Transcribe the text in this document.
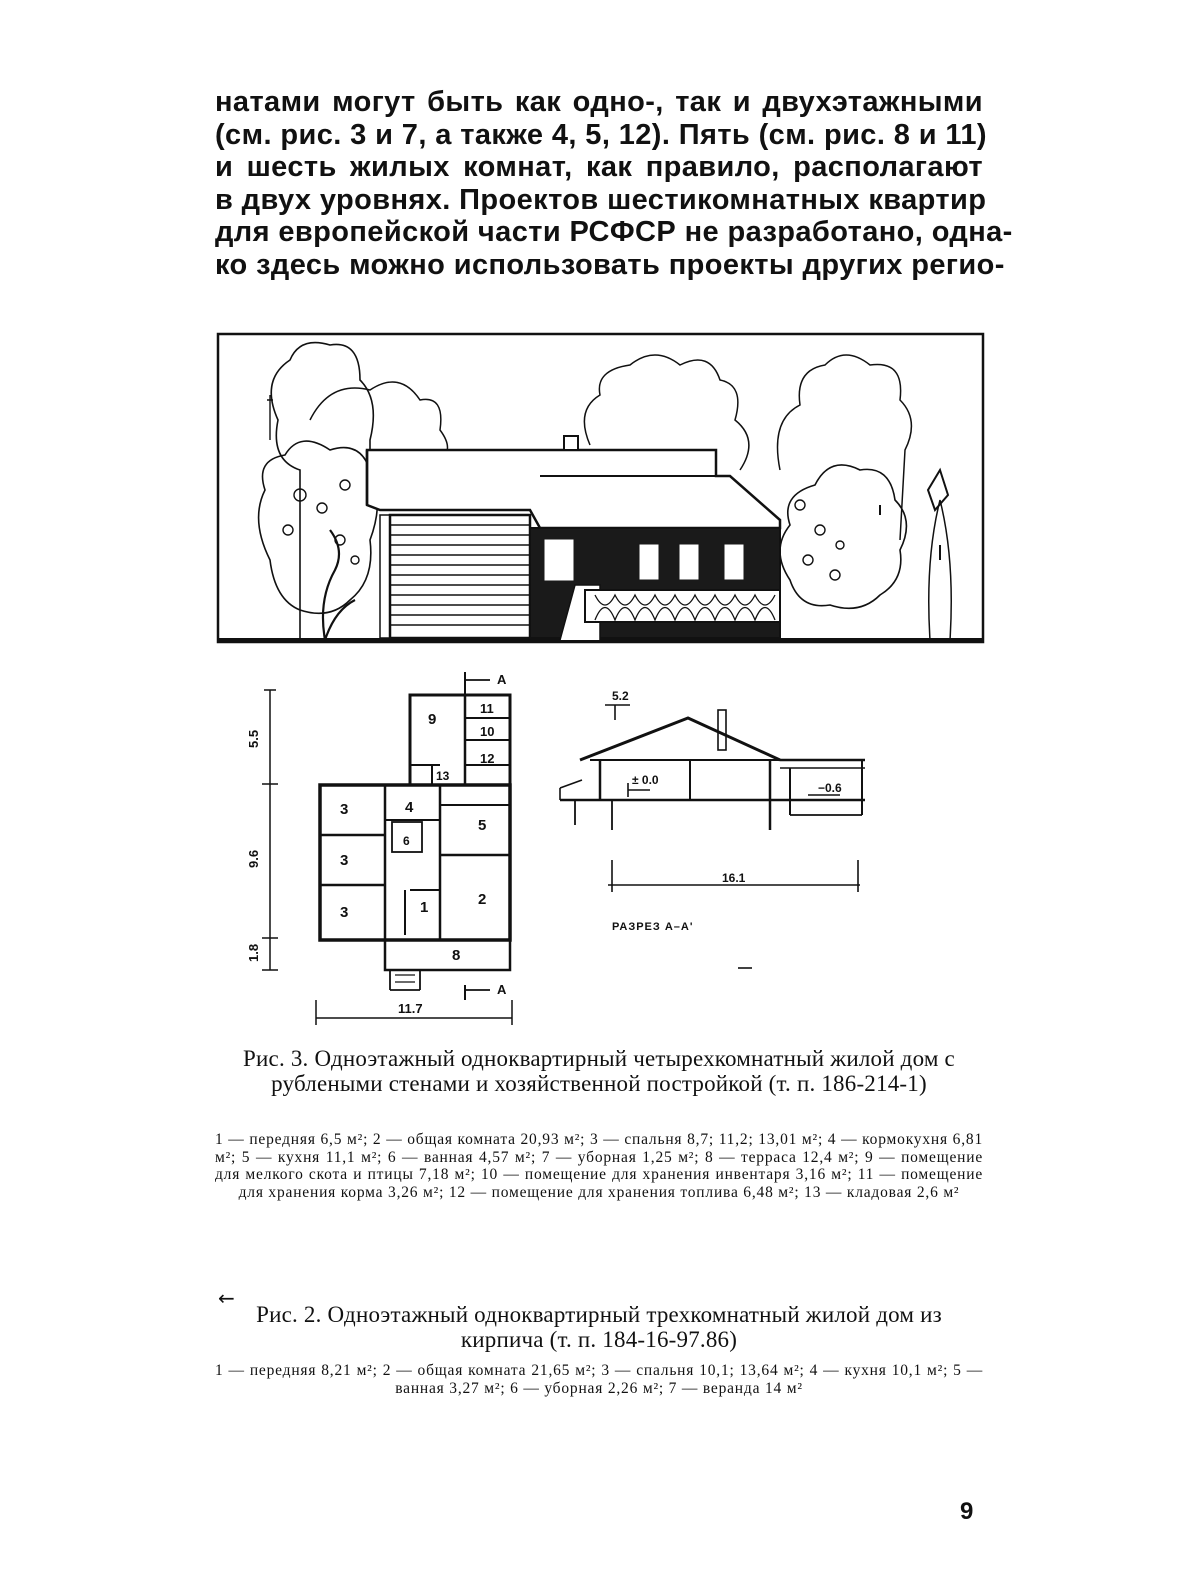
натами могут быть как одно-, так и двухэтажными
(см. рис. 3 и 7, а также 4, 5, 12). Пять (см. рис. 8 и 11)
и шесть жилых комнат, как правило, располагают
в двух уровнях. Проектов шестикомнатных квартир
для европейской части РСФСР не разработано, одна-
ко здесь можно использовать проекты других регио-
А
А
5.5
9.6
1.8
11.7
1	2
3
3
3
4
5
6
8
9
10
11
12
13
5.2
± 0.0
−0.6
16.1
РАЗРЕЗ А–А'
Рис. 3. Одноэтажный одноквартирный четырехкомнатный жилой дом с рублеными стенами и хозяйственной постройкой (т. п. 186-214-1)
1 — передняя 6,5 м²; 2 — общая комната 20,93 м²; 3 — спальня 8,7; 11,2; 13,01 м²; 4 — кормокухня 6,81 м²; 5 — кухня 11,1 м²; 6 — ванная 4,57 м²; 7 — уборная 1,25 м²; 8 — терраса 12,4 м²; 9 — помещение для мелкого скота и птицы 7,18 м²; 10 — помещение для хранения инвентаря 3,16 м²; 11 — помещение для хранения корма 3,26 м²; 12 — помещение для хранения топлива 6,48 м²; 13 — кладовая 2,6 м²
←
Рис. 2. Одноэтажный одноквартирный трехкомнатный жилой дом из кирпича (т. п. 184-16-97.86)
1 — передняя 8,21 м²; 2 — общая комната 21,65 м²; 3 — спальня 10,1; 13,64 м²; 4 — кухня 10,1 м²; 5 — ванная 3,27 м²; 6 — уборная 2,26 м²; 7 — веранда 14 м²
9
